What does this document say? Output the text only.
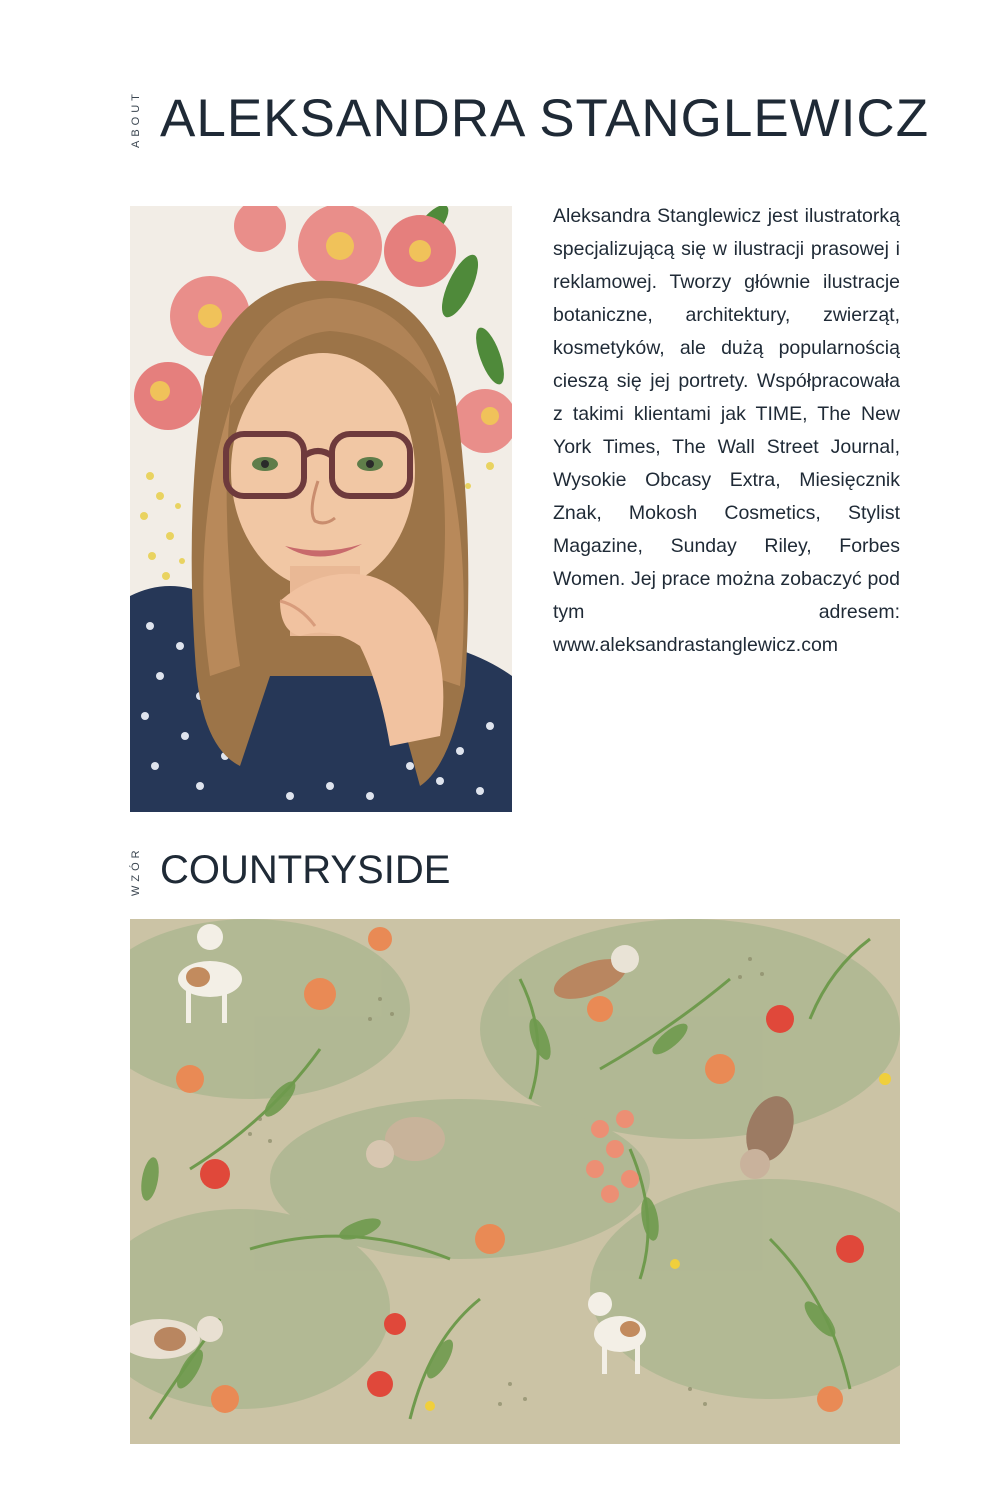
ABOUT ALEKSANDRA STANGLEWICZ

Aleksandra Stanglewicz jest ilustratorką specjalizującą się w ilustracji prasowej i reklamowej. Tworzy głównie ilustracje botaniczne, architektury, zwierząt, kosmetyków, ale dużą popularnością cieszą się jej portrety. Współpracowała z takimi klientami jak TIME, The New York Times, The Wall Street Journal, Wysokie Obcasy Extra, Miesięcznik Znak, Mokosh Cosmetics, Stylist Magazine, Sunday Riley, Forbes Women. Jej prace można zobaczyć pod tym adresem: www.aleksandrastanglewicz.com

WZÓR COUNTRYSIDE
